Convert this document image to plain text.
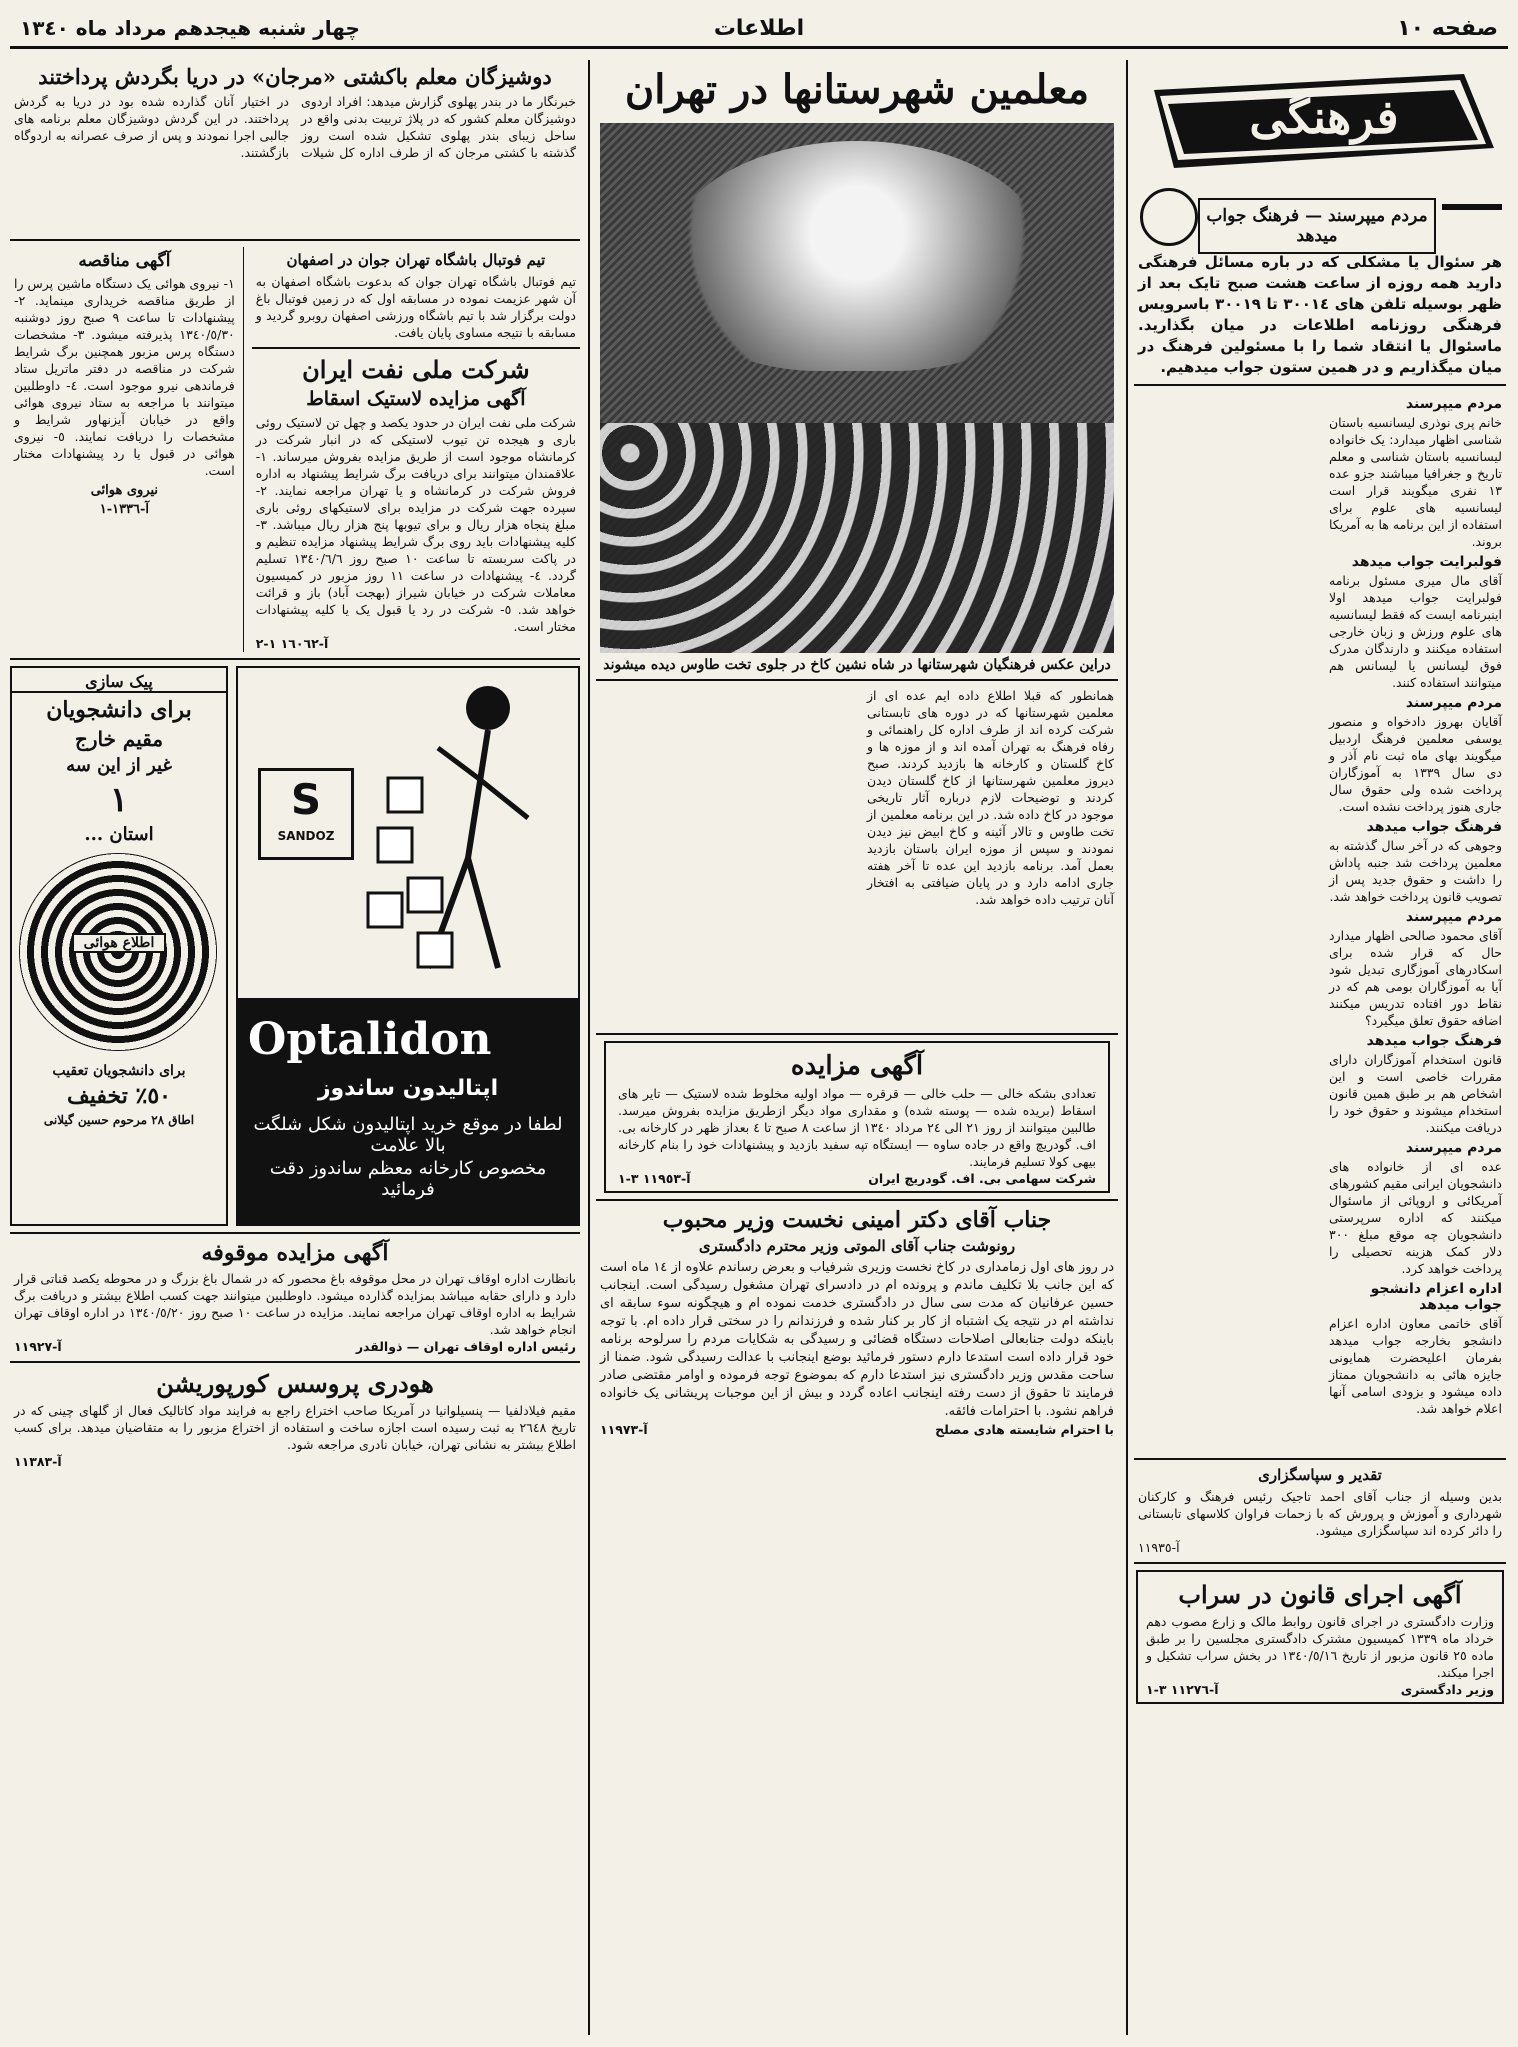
صفحه ١٠
اطلاعات
چهار شنبه هیجدهم مرداد ماه ١٣٤٠
فرهنگی
مردم میپرسند — فرهنگ جواب میدهد

هر سئوال یا مشکلی که در باره مسائل فرهنگی دارید همه روزه از ساعت هشت صبح تایک بعد از ظهر بوسیله تلفن های ٣٠٠١٤ تا ٣٠٠١٩ باسرویس فرهنگی روزنامه اطلاعات در میان بگذارید. ماسئوال یا انتقاد شما را با مسئولین فرهنگ در میان میگذاریم و در همین ستون جواب میدهیم.

مردم میپرسند

خانم پری نوذری لیسانسیه باستان شناسی اظهار میدارد: یک خانواده لیسانسیه باستان شناسی و معلم تاریخ و جغرافیا میباشند جزو عده ١٣ نفری میگویند قرار است لیسانسیه های علوم برای استفاده از این برنامه ها به آمریکا بروند.

فولبرایت جواب میدهد

آقای مال میری مسئول برنامه فولبرایت جواب میدهد اولا اینبرنامه ایست که فقط لیسانسیه های علوم ورزش و زبان خارجی استفاده میکنند و دارندگان مدرک فوق لیسانس یا لیسانس هم میتوانند استفاده کنند.

مردم میپرسند

آقایان بهروز دادخواه و منصور یوسفی معلمین فرهنگ اردبیل میگویند بهای ماه ثبت نام آذر و دی سال ١٣٣٩ به آموزگاران پرداخت شده ولی حقوق سال جاری هنوز پرداخت نشده است.

فرهنگ جواب میدهد

وجوهی که در آخر سال گذشته به معلمین پرداخت شد جنبه پاداش را داشت و حقوق جدید پس از تصویب قانون پرداخت خواهد شد.

مردم میپرسند

آقای محمود صالحی اظهار میدارد حال که قرار شده برای اسکادرهای آموزگاری تبدیل شود آیا به آموزگاران بومی هم که در نقاط دور افتاده تدریس میکنند اضافه حقوق تعلق میگیرد؟

فرهنگ جواب میدهد

قانون استخدام آموزگاران دارای مقررات خاصی است و این اشخاص هم بر طبق همین قانون استخدام میشوند و حقوق خود را دریافت میکنند.

مردم میپرسند

عده ای از خانواده های دانشجویان ایرانی مقیم کشورهای آمریکائی و اروپائی از ماسئوال میکنند که اداره سرپرستی دانشجویان چه موقع مبلغ ٣٠٠ دلار کمک هزینه تحصیلی را پرداخت خواهد کرد.

اداره اعزام دانشجو جواب میدهد

آقای خاتمی معاون اداره اعزام دانشجو بخارجه جواب میدهد بفرمان اعلیحضرت همایونی جایزه هائی به دانشجویان ممتاز داده میشود و بزودی اسامی آنها اعلام خواهد شد.

تقدیر و سپاسگزاری

بدین وسیله از جناب آقای احمد تاجیک رئیس فرهنگ و کارکنان شهرداری و آموزش و پرورش که با زحمات فراوان کلاسهای تابستانی را دائر کرده اند سپاسگزاری میشود.

آ-١١٩٣٥
آگهی اجرای قانون در سراب

وزارت دادگستری در اجرای قانون روابط مالک و زارع مصوب دهم خرداد ماه ١٣٣٩ کمیسیون مشترک دادگستری مجلسین را بر طبق ماده ٢٥ قانون مزبور از تاریخ ١٣٤٠/٥/١٦ در بخش سراب تشکیل و اجرا میکند.

وزیر دادگستری
آ-١١٢٧٦ ٣-١
معلمین شهرستانها در تهران
دراین عکس فرهنگیان شهرستانها در شاه نشین کاخ در جلوی تخت طاوس دیده میشوند

همانطور که قبلا اطلاع داده ایم عده ای از معلمین شهرستانها که در دوره های تابستانی شرکت کرده اند از طرف اداره کل راهنمائی و رفاه فرهنگ به تهران آمده اند و از موزه ها و کاخ گلستان و کارخانه ها بازدید کردند. صبح دیروز معلمین شهرستانها از کاخ گلستان دیدن کردند و توضیحات لازم درباره آثار تاریخی موجود در کاخ داده شد. در این برنامه معلمین از تخت طاوس و تالار آئینه و کاخ ابیض نیز دیدن نمودند و سپس از موزه ایران باستان بازدید بعمل آمد. برنامه بازدید این عده تا آخر هفته جاری ادامه دارد و در پایان ضیافتی به افتخار آنان ترتیب داده خواهد شد.

آگهی مزایده

تعدادی بشکه خالی — حلب خالی — قرقره — مواد اولیه مخلوط شده لاستیک — تایر های اسقاط (بریده شده — پوسته شده) و مقداری مواد دیگر ازطریق مزایده بفروش میرسد. طالبین میتوانند از روز ٢١ الی ٢٤ مرداد ١٣٤٠ از ساعت ٨ صبح تا ٤ بعداز ظهر در کارخانه بی. اف. گودریچ واقع در جاده ساوه — ایستگاه تپه سفید بازدید و پیشنهادات خود را بنام کارخانه بیهی کولا تسلیم فرمایند.

شرکت سهامی بی. اف. گودریچ ایران
آ-١١٩٥٣ ٣-١
جناب آقای دکتر امینی نخست وزیر محبوب
رونوشت جناب آقای الموتی وزیر محترم دادگستری

در روز های اول زمامداری در کاخ نخست وزیری شرفیاب و بعرض رساندم علاوه از ١٤ ماه است که این جانب بلا تکلیف ماندم و پرونده ام در دادسرای تهران مشغول رسیدگی است. اینجانب حسین عرفانیان که مدت سی سال در دادگستری خدمت نموده ام و هیچگونه سوء سابقه ای نداشته ام در نتیجه یک اشتباه از کار بر کنار شده و فرزندانم را در سختی قرار داده ام. با توجه باینکه دولت جنابعالی اصلاحات دستگاه قضائی و رسیدگی به شکایات مردم را سرلوحه برنامه خود قرار داده است استدعا دارم دستور فرمائید بوضع اینجانب با عدالت رسیدگی شود. ضمنا از ساحت مقدس وزیر دادگستری نیز استدعا دارم که بموضوع توجه فرموده و اوامر مقتضی صادر فرمایند تا حقوق از دست رفته اینجانب اعاده گردد و بیش از این موجبات پریشانی یک خانواده فراهم نشود. با احترامات فائقه.

با احترام شایسته هادی مصلح
آ-١١٩٧٣
دوشیزگان معلم باکشتی «مرجان» در دریا بگردش پرداختند

خبرنگار ما در بندر پهلوی گزارش میدهد: افراد اردوی دوشیزگان معلم کشور که در پلاژ تربیت بدنی واقع در ساحل زیبای بندر پهلوی تشکیل شده است روز گذشته با کشتی مرجان که از طرف اداره کل شیلات در اختیار آنان گذارده شده بود در دریا به گردش پرداختند. در این گردش دوشیزگان معلم برنامه های جالبی اجرا نمودند و پس از صرف عصرانه به اردوگاه بازگشتند.

تیم فوتبال باشگاه تهران جوان در اصفهان

تیم فوتبال باشگاه تهران جوان که بدعوت باشگاه اصفهان به آن شهر عزیمت نموده در مسابقه اول که در زمین فوتبال باغ دولت برگزار شد با تیم باشگاه ورزشی اصفهان روبرو گردید و مسابقه با نتیجه مساوی پایان یافت.

شرکت ملی نفت ایران
آگهی مزایده لاستیک اسقاط

شرکت ملی نفت ایران در حدود یکصد و چهل تن لاستیک روئی باری و هیجده تن تیوب لاستیکی که در انبار شرکت در کرمانشاه موجود است از طریق مزایده بفروش میرساند. ١- علاقمندان میتوانند برای دریافت برگ شرایط پیشنهاد به اداره فروش شرکت در کرمانشاه و یا تهران مراجعه نمایند. ٢- سپرده جهت شرکت در مزایده برای لاستیکهای روئی باری مبلغ پنجاه هزار ریال و برای تیوبها پنج هزار ریال میباشد. ٣- کلیه پیشنهادات باید روی برگ شرایط پیشنهاد مزایده تنظیم و در پاکت سربسته تا ساعت ١٠ صبح روز ١٣٤٠/٦/٦ تسلیم گردد. ٤- پیشنهادات در ساعت ١١ روز مزبور در کمیسیون معاملات شرکت در خیابان شیراز (بهجت آباد) باز و قرائت خواهد شد. ٥- شرکت در رد یا قبول یک یا کلیه پیشنهادات مختار است.

آ-١٦٠٦٢ ١-٢
آگهی مناقصه

١- نیروی هوائی یک دستگاه ماشین پرس را از طریق مناقصه خریداری مینماید. ٢- پیشنهادات تا ساعت ٩ صبح روز دوشنبه ١٣٤٠/٥/٣٠ پذیرفته میشود. ٣- مشخصات دستگاه پرس مزبور همچنین برگ شرایط شرکت در مناقصه در دفتر ماتریل ستاد فرماندهی نیرو موجود است. ٤- داوطلبین میتوانند با مراجعه به ستاد نیروی هوائی واقع در خیابان آیزنهاور شرایط و مشخصات را دریافت نمایند. ٥- نیروی هوائی در قبول یا رد پیشنهادات مختار است.

نیروی هوائی
آ-١٣٣٦-١
S
SANDOZ
Optalidon
اپتالیدون ساندوز
لطفا در موقع خرید اپتالیدون شکل شلگت بالا علامت
مخصوص کارخانه معظم ساندوز دقت فرمائید
پیک سازی
برای دانشجویان
مقیم خارج
غیر از این سه
١
استان ...
اطلاع هوائی
برای دانشجویان تعقیب
٥٠٪ تخفیف
اطاق ٢٨ مرحوم حسین گیلانی
آگهی مزایده موقوفه

بانظارت اداره اوقاف تهران در محل موقوفه باغ محصور که در شمال باغ بزرگ و در محوطه یکصد قناتی قرار دارد و دارای حقابه میباشد بمزایده گذارده میشود. داوطلبین میتوانند جهت کسب اطلاع بیشتر و دریافت برگ شرایط به اداره اوقاف تهران مراجعه نمایند. مزایده در ساعت ١٠ صبح روز ١٣٤٠/٥/٢٠ در اداره اوقاف تهران انجام خواهد شد.

رئیس اداره اوقاف تهران — ذوالقدر
آ-١١٩٢٧
هودری پروسس کورپوریشن

مقیم فیلادلفیا — پنسیلوانیا در آمریکا صاحب اختراع راجع به فرایند مواد کاتالیک فعال از گلهای چینی که در تاریخ ٢٦٤٨ به ثبت رسیده است اجازه ساخت و استفاده از اختراع مزبور را به متقاضیان میدهد. برای کسب اطلاع بیشتر به نشانی تهران، خیابان نادری مراجعه شود.

آ-١١٣٨٣
